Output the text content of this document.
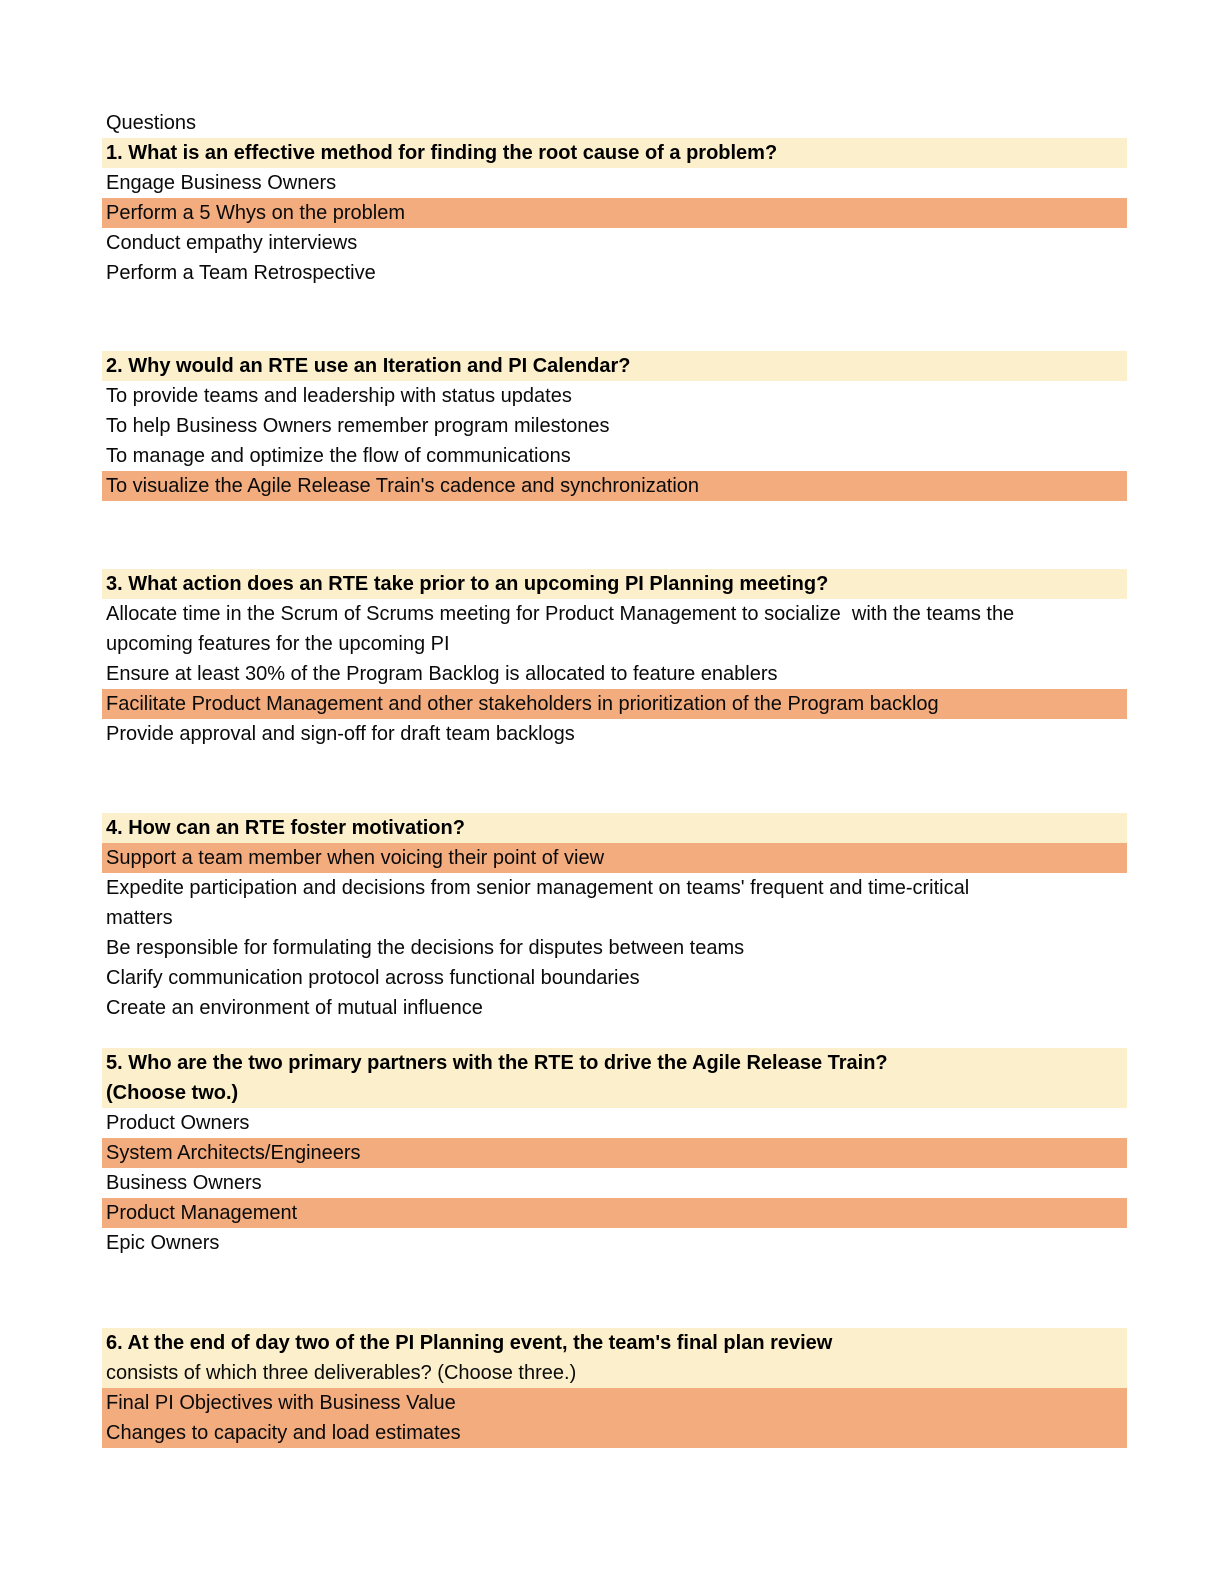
Questions
1. What is an effective method for finding the root cause of a problem?
Engage Business Owners
Perform a 5 Whys on the problem
Conduct empathy interviews
Perform a Team Retrospective
2. Why would an RTE use an Iteration and PI Calendar?
To provide teams and leadership with status updates
To help Business Owners remember program milestones
To manage and optimize the flow of communications
To visualize the Agile Release Train's cadence and synchronization
3. What action does an RTE take prior to an upcoming PI Planning meeting?
Allocate time in the Scrum of Scrums meeting for Product Management to socialize  with the teams the
upcoming features for the upcoming PI
Ensure at least 30% of the Program Backlog is allocated to feature enablers
Facilitate Product Management and other stakeholders in prioritization of the Program backlog
Provide approval and sign-off for draft team backlogs
4. How can an RTE foster motivation?
Support a team member when voicing their point of view
Expedite participation and decisions from senior management on teams' frequent and time-critical
matters
Be responsible for formulating the decisions for disputes between teams
Clarify communication protocol across functional boundaries
Create an environment of mutual influence
5. Who are the two primary partners with the RTE to drive the Agile Release Train?
(Choose two.)
Product Owners
System Architects/Engineers
Business Owners
Product Management
Epic Owners
6. At the end of day two of the PI Planning event, the team's final plan review
consists of which three deliverables? (Choose three.)
Final PI Objectives with Business Value
Changes to capacity and load estimates
